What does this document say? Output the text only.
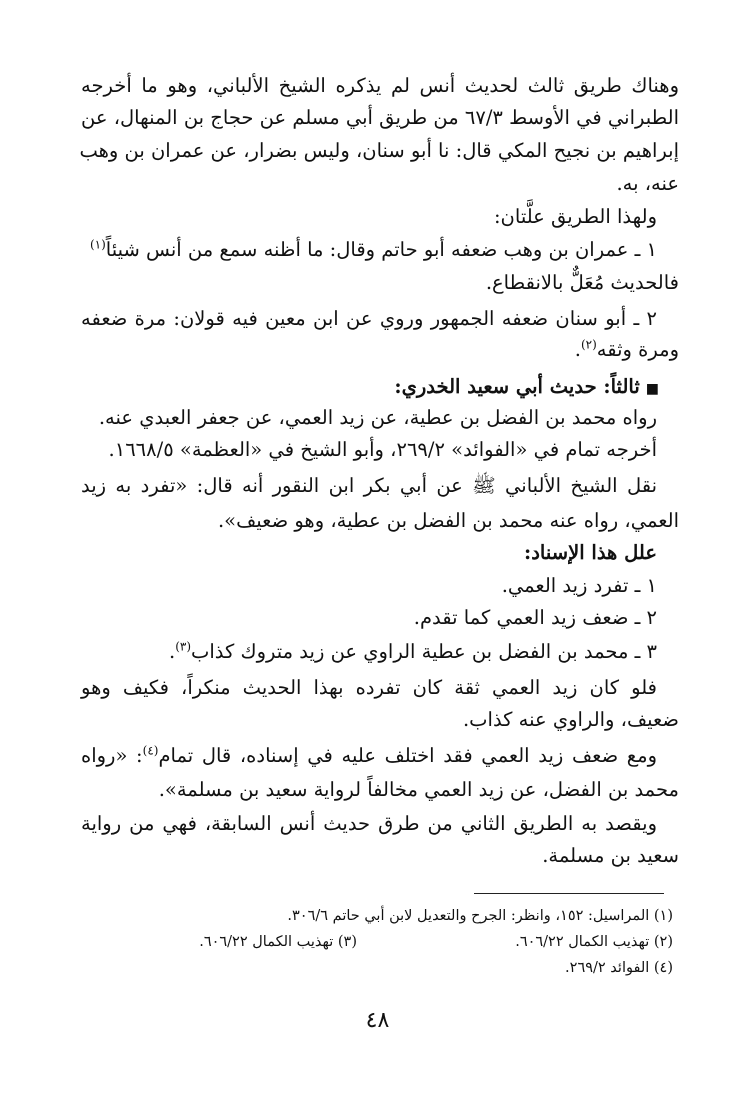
وهناك طريق ثالث لحديث أنس لم يذكره الشيخ الألباني، وهو ما أخرجه
الطبراني في الأوسط ٦٧/٣ من طريق أبي مسلم عن حجاج بن المنهال، عن
إبراهيم بن نجيح المكي قال: نا أبو سنان، وليس بضرار، عن عمران بن وهب
عنه، به.
ولهذا الطريق علَّتان:
١ ـ عمران بن وهب ضعفه أبو حاتم وقال: ما أظنه سمع من أنس شيئاً$^{(١)}$
فالحديث مُعَلٌّ بالانقطاع.
٢ ـ أبو سنان ضعفه الجمهور وروي عن ابن معين فيه قولان: مرة ضعفه
ومرة وثقه$^{(٢)}$.
■ثالثاً: حديث أبي سعيد الخدري:
رواه محمد بن الفضل بن عطية، عن زيد العمي، عن جعفر العبدي عنه.
أخرجه تمام في «الفوائد» ٢٦٩/٢، وأبو الشيخ في «العظمة» ١٦٦٨/٥.
نقل الشيخ الألباني ﷺ عن أبي بكر ابن النقور أنه قال: «تفرد به زيد
العمي، رواه عنه محمد بن الفضل بن عطية، وهو ضعيف».
علل هذا الإسناد:
١ ـ تفرد زيد العمي.
٢ ـ ضعف زيد العمي كما تقدم.
٣ ـ محمد بن الفضل بن عطية الراوي عن زيد متروك كذاب$^{(٣)}$.
فلو كان زيد العمي ثقة كان تفرده بهذا الحديث منكراً، فكيف وهو
ضعيف، والراوي عنه كذاب.
ومع ضعف زيد العمي فقد اختلف عليه في إسناده، قال تمام$^{(٤)}$: «رواه
محمد بن الفضل، عن زيد العمي مخالفاً لرواية سعيد بن مسلمة».
ويقصد به الطريق الثاني من طرق حديث أنس السابقة، فهي من رواية
سعيد بن مسلمة.
(١) المراسيل: ١٥٢، وانظر: الجرح والتعديل لابن أبي حاتم ٣٠٦/٦.
(٢) تهذيب الكمال ٦٠٦/٢٢.
(٣) تهذيب الكمال ٦٠٦/٢٢.
(٤) الفوائد ٢٦٩/٢.
٤٨
